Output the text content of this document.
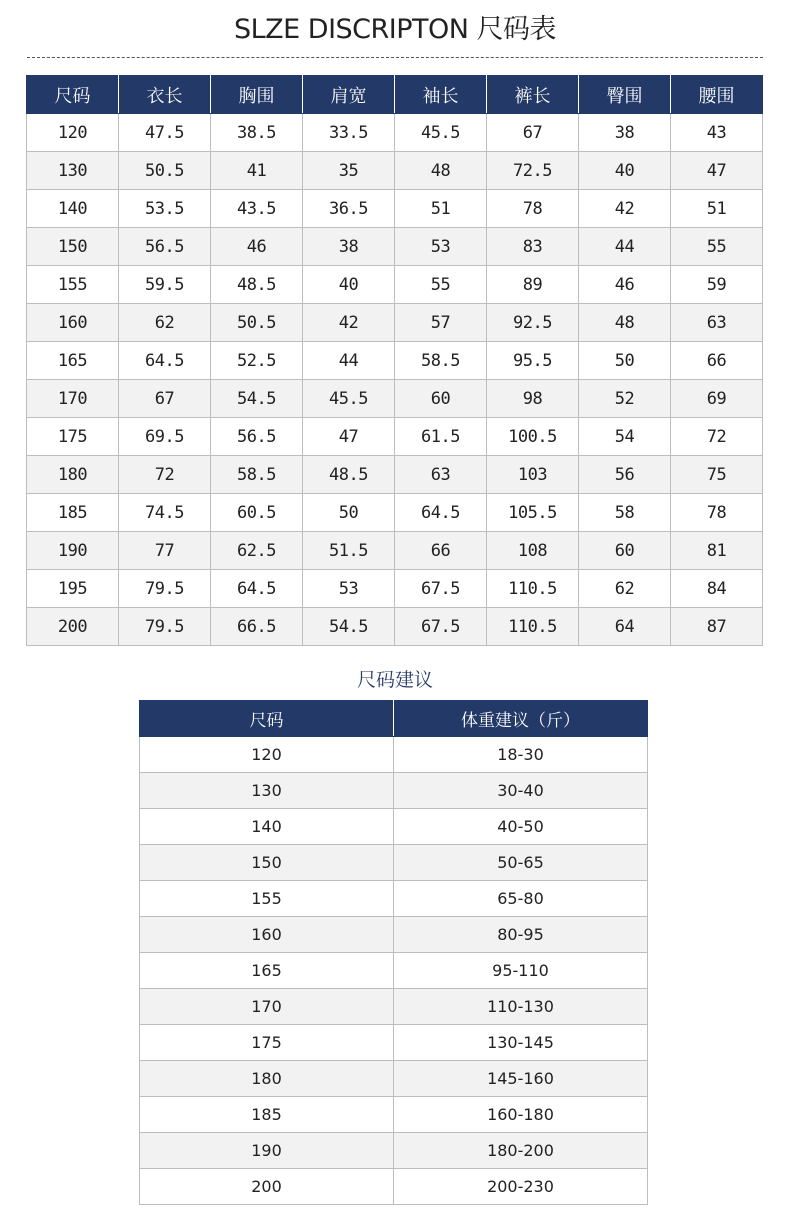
SLZE DISCRIPTON 尺码表
尺码	衣长	胸围	肩宽	袖长	裤长	臀围	腰围
120	47.5	38.5	33.5	45.5	67	38	43
130	50.5	41	35	48	72.5	40	47
140	53.5	43.5	36.5	51	78	42	51
150	56.5	46	38	53	83	44	55
155	59.5	48.5	40	55	89	46	59
160	62	50.5	42	57	92.5	48	63
165	64.5	52.5	44	58.5	95.5	50	66
170	67	54.5	45.5	60	98	52	69
175	69.5	56.5	47	61.5	100.5	54	72
180	72	58.5	48.5	63	103	56	75
185	74.5	60.5	50	64.5	105.5	58	78
190	77	62.5	51.5	66	108	60	81
195	79.5	64.5	53	67.5	110.5	62	84
200	79.5	66.5	54.5	67.5	110.5	64	87
尺码建议
尺码	体重建议（斤）
120	18-30
130	30-40
140	40-50
150	50-65
155	65-80
160	80-95
165	95-110
170	110-130
175	130-145
180	145-160
185	160-180
190	180-200
200	200-230
